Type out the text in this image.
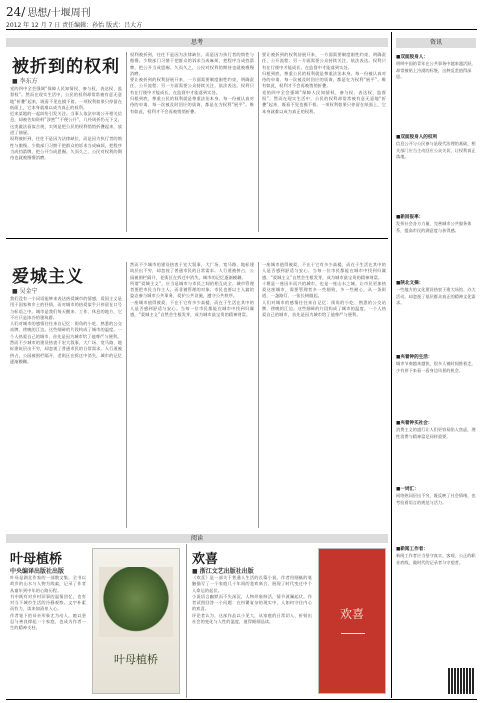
24/ 思想/十堰周刊
2012 年 12 月 7 日 责任编辑：孙怡 版式：吕大方
思考
被折到的权利
■ 李东方

党的四中全会强调“保障人民知情权、参与权、表达权、监督权”。然而在现实生活中，公民的权利却常常被有意无意地“折叠”起来，既看不见也摸不着。一项权利如果只停留在纸面上，它本身就难以成为真正的权利。

近来某地的一起纠纷引发关注。当事人依法申请公开相关信息，却被告知资料“涉密”“不便公开”，几经周折仍无下文。这类做法看似合规，实则是把公民的权利悄悄折叠起来，放进了抽屉。

权利被折到，往往不是因为法律缺位，而是因为执行者的惰性与傲慢。少数部门习惯于把群众的诉求当成麻烦，把程序当成挡箭牌，把公开当成恩赐。久而久之，公民对权利的期待也就被慢慢消磨。

权利被折到，往往不是因为法律缺位，而是因为执行者的惰性与傲慢。少数部门习惯于把群众的诉求当成麻烦，把程序当成挡箭牌，把公开当成恩赐。久而久之，公民对权利的期待也就被慢慢消磨。

要让被折到的权利舒展开来，一方面需要制度刚性约束，明确责任、公开流程；另一方面需要公众持续关注、依法表达。权利只有在行使中才能成长，在监督中才能落到实处。

归根到底，尊重公民的权利就是尊重法治本身。每一份被认真对待的申请、每一次被及时回应的质询，都是在为权利“展平”。唯有如此，权利才不会再被悄悄折叠。

要让被折到的权利舒展开来，一方面需要制度刚性约束，明确责任、公开流程；另一方面需要公众持续关注、依法表达。权利只有在行使中才能成长，在监督中才能落到实处。

归根到底，尊重公民的权利就是尊重法治本身。每一份被认真对待的申请、每一次被及时回应的质询，都是在为权利“展平”。唯有如此，权利才不会再被悄悄折叠。

党的四中全会强调“保障人民知情权、参与权、表达权、监督权”。然而在现实生活中，公民的权利却常常被有意无意地“折叠”起来，既看不见也摸不着。一项权利如果只停留在纸面上，它本身就难以成为真正的权利。

爱城主义
■ 吴金宁

我们没有一个词语能够来表达热爱城市的情感，爱国主义是用于国家和乡土的抒情，而对城市的热爱似乎只停留在口号与标语之中。城市是我们每天醒来、工作、休息的地方，它不应只是冰冷的建筑群。

人们对城市的感情往往来自记忆：街角的小吃、熟悉的公交站牌、傍晚的江边。这些细碎的片段构成了城市的温度。一个人热爱自己的城市，首先是因为城市给了他尊严与便利。

然而不少城市的建设热衷于宏大叙事，大广场、宽马路、地标建筑层出不穷，却忽视了普通市民的日常需求。人行道被挤占，公园被围栏隔开，老街区在拆迁中消失，城市的记忆逐渐模糊。

然而不少城市的建设热衷于宏大叙事，大广场、宽马路、地标建筑层出不穷，却忽视了普通市民的日常需求。人行道被挤占，公园被围栏隔开，老街区在拆迁中消失，城市的记忆逐渐模糊。

所谓“爱城主义”，应当是城市与市民之间的相互成全。城市管理者要把市民当作主人，而非被管理的对象；市民也要以主人翁的姿态参与城市公共事务，爱护公共设施，遵守公共秩序。

一座城市值得被爱，不在于它有多少高楼，而在于生活在其中的人是否感到舒适与安心。当每一位市民都能在城市中找到归属感，“爱城主义”自然会生根发芽，成为城市最宝贵的精神财富。

一座城市值得被爱，不在于它有多少高楼，而在于生活在其中的人是否感到舒适与安心。当每一位市民都能在城市中找到归属感，“爱城主义”自然会生根发芽，成为城市最宝贵的精神财富。

十堰是一座因车而兴的城市，也是一座山水之城。让市民更加热爱这座城市，需要管理者多一些细致，多一些耐心，从一条街道、一盏路灯、一张长椅做起。

人们对城市的感情往往来自记忆：街角的小吃、熟悉的公交站牌、傍晚的江边。这些细碎的片段构成了城市的温度。一个人热爱自己的城市，首先是因为城市给了他尊严与便利。

阅读
叶母植桥
中央编译出版社出版

叶母是湖北作家的一部散文集，全书以故乡的山水与人物为线索，记录了作者从童年到中年的心路历程。

书中既有对乡村旧事的温情回忆，也有对当下城市生活的冷静观察。文字朴素而有力，读来如清泉入心。

作者笔下的母亲形象尤为动人，她以坚忍与善良撑起一个家庭，也成为作者一生的精神支柱。

叶母植桥
欢喜
■ 浙江文艺出版社出版

《欢喜》是一部关于普通人生活的长篇小说。作者用细腻的笔触描写了一个家庭几十年间的悲欢离合，展现了时代变迁中个人命运的起伏。

小说语言幽默而不失深沉，人物形象鲜活，情节波澜起伏。作者试图回答一个问题：在纷繁复杂的现实中，人如何守住内心的欢喜。

评论者认为，这部作品以小见大，从家庭的日常切入，折射出社会的变化与人性的温度，值得细细品读。

欢喜
资讯
■双面胶身人：
明明中国的青年在公共事务中越来越活跃，却常被贴上冷漠的标签，这种反差值得深思。
■双面胶身人的权利
信息公开与公民参与是现代治理的基础，相关部门应当主动回应公众关切，让权利真正落地。
■新回报率：
发挥社会各方力量，完善城市公共服务体系，提高市民的满意度与获得感。
■陕北文摘：
一些地方的文化建设热衷于建大场馆、办大活动，却忽视了基层群众真正的精神文化需求。
■夹着钟的生活：
城市节奏越来越快，很多人被时间推着走，少有停下来看一看身边风景的机会。
■夹着钟买社会：
消费主义的盛行让人们更容易陷入焦虑，理性消费与精神富足同样重要。
■一词汇：
网络热词层出不穷，既反映了社会情绪，也考验着语言的规范与活力。
■新闻工作者：
新闻工作者应当坚守真实、客观、公正的职业底线，做时代的记录者与守望者。
